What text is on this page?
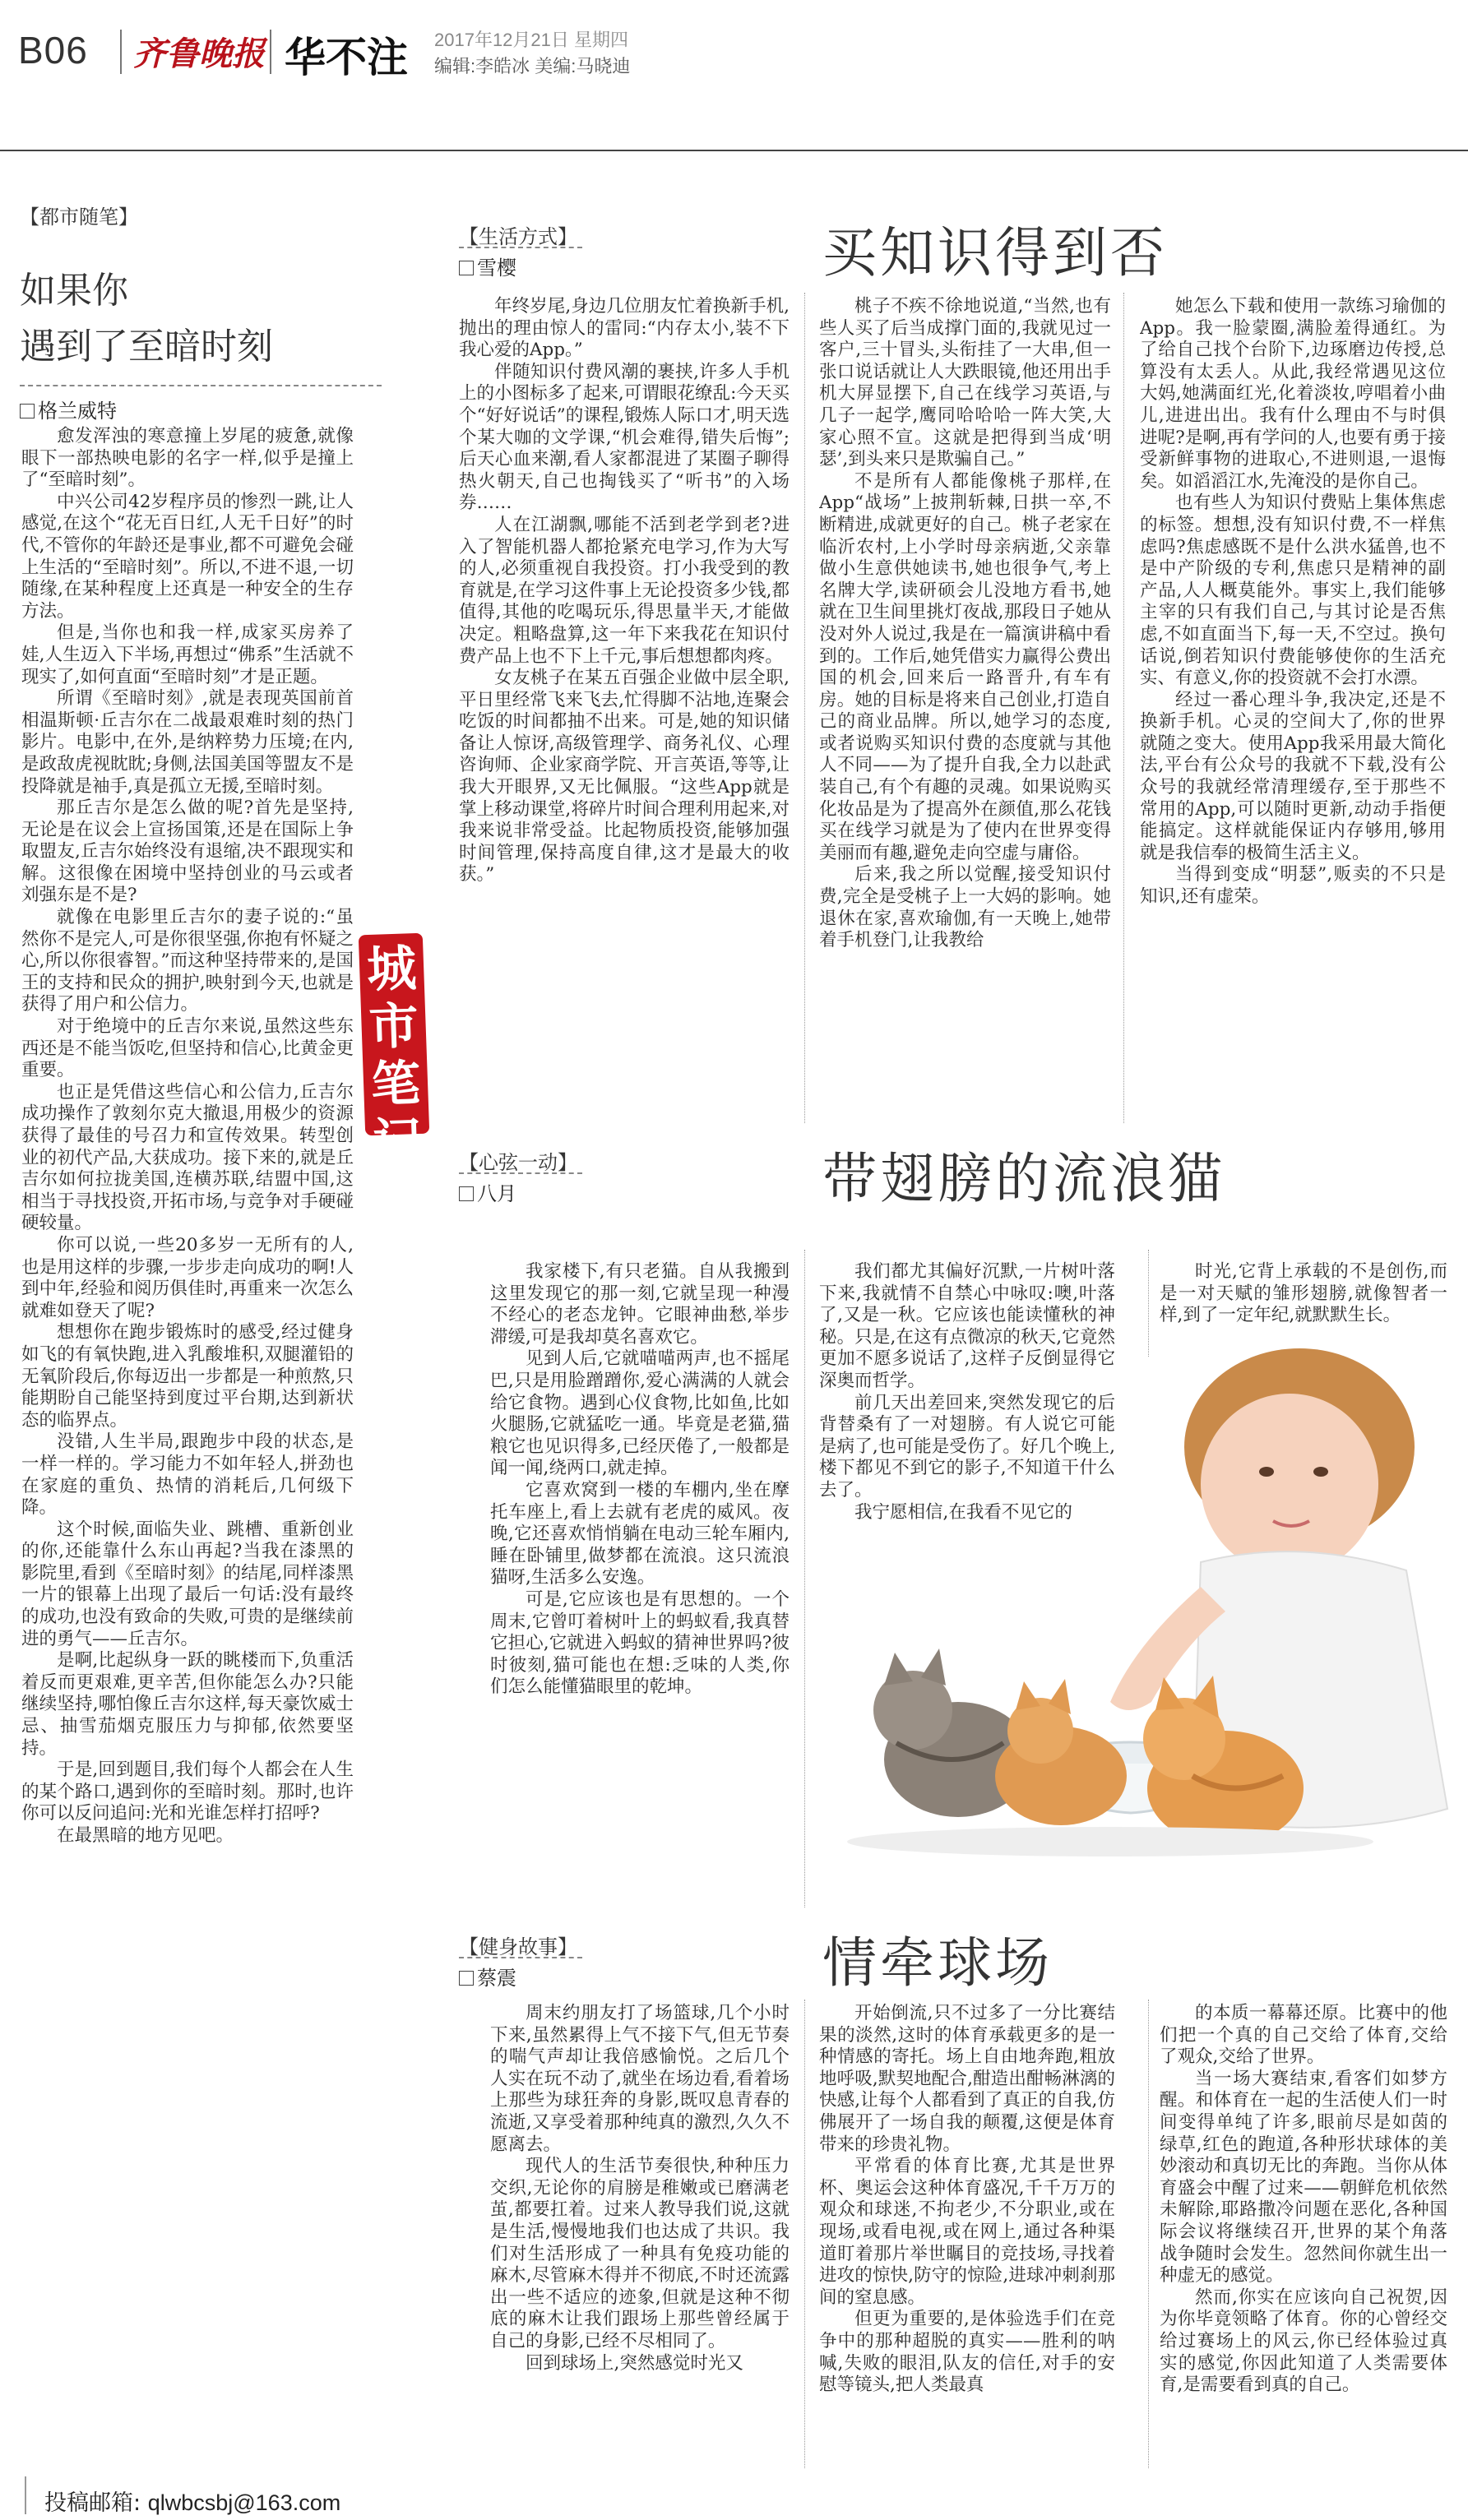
B06 齐鲁晚报 华不注 2017年12月21日 星期四
编辑:李皓冰 美编:马晓迪
【都市随笔】
如果你
遇到了至暗时刻
格兰威特

愈发浑浊的寒意撞上岁尾的疲惫,就像眼下一部热映电影的名字一样,似乎是撞上了“至暗时刻”。

中兴公司42岁程序员的惨烈一跳,让人感觉,在这个“花无百日红,人无千日好”的时代,不管你的年龄还是事业,都不可避免会碰上生活的“至暗时刻”。所以,不进不退,一切随缘,在某种程度上还真是一种安全的生存方法。

但是,当你也和我一样,成家买房养了娃,人生迈入下半场,再想过“佛系”生活就不现实了,如何直面“至暗时刻”才是正题。

所谓《至暗时刻》,就是表现英国前首相温斯顿·丘吉尔在二战最艰难时刻的热门影片。电影中,在外,是纳粹势力压境;在内,是政敌虎视眈眈;身侧,法国美国等盟友不是投降就是袖手,真是孤立无援,至暗时刻。

那丘吉尔是怎么做的呢?首先是坚持,无论是在议会上宣扬国策,还是在国际上争取盟友,丘吉尔始终没有退缩,决不跟现实和解。这很像在困境中坚持创业的马云或者刘强东是不是?

就像在电影里丘吉尔的妻子说的:“虽然你不是完人,可是你很坚强,你抱有怀疑之心,所以你很睿智。”而这种坚持带来的,是国王的支持和民众的拥护,映射到今天,也就是获得了用户和公信力。

对于绝境中的丘吉尔来说,虽然这些东西还是不能当饭吃,但坚持和信心,比黄金更重要。

也正是凭借这些信心和公信力,丘吉尔成功操作了敦刻尔克大撤退,用极少的资源获得了最佳的号召力和宣传效果。转型创业的初代产品,大获成功。接下来的,就是丘吉尔如何拉拢美国,连横苏联,结盟中国,这相当于寻找投资,开拓市场,与竞争对手硬碰硬较量。

你可以说,一些20多岁一无所有的人,也是用这样的步骤,一步步走向成功的啊!人到中年,经验和阅历俱佳时,再重来一次怎么就难如登天了呢?

想想你在跑步锻炼时的感受,经过健身如飞的有氧快跑,进入乳酸堆积,双腿灌铅的无氧阶段后,你每迈出一步都是一种煎熬,只能期盼自己能坚持到度过平台期,达到新状态的临界点。

没错,人生半局,跟跑步中段的状态,是一样一样的。学习能力不如年轻人,拼劲也在家庭的重负、热情的消耗后,几何级下降。

这个时候,面临失业、跳槽、重新创业的你,还能靠什么东山再起?当我在漆黑的影院里,看到《至暗时刻》的结尾,同样漆黑一片的银幕上出现了最后一句话:没有最终的成功,也没有致命的失败,可贵的是继续前进的勇气——丘吉尔。

是啊,比起纵身一跃的眺楼而下,负重活着反而更艰难,更辛苦,但你能怎么办?只能继续坚持,哪怕像丘吉尔这样,每天豪饮威士忌、抽雪茄烟克服压力与抑郁,依然要坚持。

于是,回到题目,我们每个人都会在人生的某个路口,遇到你的至暗时刻。那时,也许你可以反问追问:光和光谁怎样打招呼?

在最黑暗的地方见吧。

城
市
笔
记
【生活方式】
雪樱	买知识得到否

年终岁尾,身边几位朋友忙着换新手机,抛出的理由惊人的雷同:“内存太小,装不下我心爱的App。”

伴随知识付费风潮的裹挟,许多人手机上的小图标多了起来,可谓眼花缭乱:今天买个“好好说话”的课程,锻炼人际口才,明天选个某大咖的文学课,“机会难得,错失后悔”;后天心血来潮,看人家都混进了某圈子聊得热火朝天,自己也掏钱买了“听书”的入场券……

人在江湖飘,哪能不活到老学到老?进入了智能机器人都抢紧充电学习,作为大写的人,必须重视自我投资。打小我受到的教育就是,在学习这件事上无论投资多少钱,都值得,其他的吃喝玩乐,得思量半天,才能做决定。粗略盘算,这一年下来我花在知识付费产品上也不下上千元,事后想想都肉疼。

女友桃子在某五百强企业做中层全职,平日里经常飞来飞去,忙得脚不沾地,连聚会吃饭的时间都抽不出来。可是,她的知识储备让人惊讶,高级管理学、商务礼仪、心理咨询师、企业家商学院、开言英语,等等,让我大开眼界,又无比佩服。“这些App就是掌上移动课堂,将碎片时间合理利用起来,对我来说非常受益。比起物质投资,能够加强时间管理,保持高度自律,这才是最大的收获。”

桃子不疾不徐地说道,“当然,也有些人买了后当成撑门面的,我就见过一客户,三十冒头,头衔挂了一大串,但一张口说话就让人大跌眼镜,他还用出手机大屏显摆下,自己在线学习英语,与几子一起学,鹰同哈哈哈一阵大笑,大家心照不宣。这就是把得到当成‘明瑟’,到头来只是欺骗自己。”

不是所有人都能像桃子那样,在App“战场”上披荆斩棘,日拱一卒,不断精进,成就更好的自己。桃子老家在临沂农村,上小学时母亲病逝,父亲靠做小生意供她读书,她也很争气,考上名牌大学,读研硕会儿没地方看书,她就在卫生间里挑灯夜战,那段日子她从没对外人说过,我是在一篇演讲稿中看到的。工作后,她凭借实力赢得公费出国的机会,回来后一路晋升,有车有房。她的目标是将来自己创业,打造自己的商业品牌。所以,她学习的态度,或者说购买知识付费的态度就与其他人不同——为了提升自我,全力以赴武装自己,有个有趣的灵魂。如果说购买化妆品是为了提高外在颜值,那么花钱买在线学习就是为了使内在世界变得美丽而有趣,避免走向空虚与庸俗。

后来,我之所以觉醒,接受知识付费,完全是受桃子上一大妈的影响。她退休在家,喜欢瑜伽,有一天晚上,她带着手机登门,让我教给

她怎么下载和使用一款练习瑜伽的App。我一脸蒙圈,满脸羞得通红。为了给自己找个台阶下,边琢磨边传授,总算没有太丢人。从此,我经常遇见这位大妈,她满面红光,化着淡妆,哼唱着小曲儿,进进出出。我有什么理由不与时俱进呢?是啊,再有学问的人,也要有勇于接受新鲜事物的进取心,不进则退,一退悔矣。如滔滔江水,先淹没的是你自己。

也有些人为知识付费贴上集体焦虑的标签。想想,没有知识付费,不一样焦虑吗?焦虑感既不是什么洪水猛兽,也不是中产阶级的专利,焦虑只是精神的副产品,人人概莫能外。事实上,我们能够主宰的只有我们自己,与其讨论是否焦虑,不如直面当下,每一天,不空过。换句话说,倒若知识付费能够使你的生活充实、有意义,你的投资就不会打水漂。

经过一番心理斗争,我决定,还是不换新手机。心灵的空间大了,你的世界就随之变大。使用App我采用最大简化法,平台有公众号的我就不下载,没有公众号的我就经常清理缓存,至于那些不常用的App,可以随时更新,动动手指便能搞定。这样就能保证内存够用,够用就是我信奉的极简生活主义。

当得到变成“明瑟”,贩卖的不只是知识,还有虚荣。

【心弦一动】
八月	带翅膀的流浪猫

我家楼下,有只老猫。自从我搬到这里发现它的那一刻,它就呈现一种漫不经心的老态龙钟。它眼神曲愁,举步滞缓,可是我却莫名喜欢它。

见到人后,它就喵喵两声,也不摇尾巴,只是用脸蹭蹭你,爱心满满的人就会给它食物。遇到心仪食物,比如鱼,比如火腿肠,它就猛吃一通。毕竟是老猫,猫粮它也见识得多,已经厌倦了,一般都是闻一闻,绕两口,就走掉。

它喜欢窝到一楼的车棚内,坐在摩托车座上,看上去就有老虎的威风。夜晚,它还喜欢悄悄躺在电动三轮车厢内,睡在卧铺里,做梦都在流浪。这只流浪猫呀,生活多么安逸。

可是,它应该也是有思想的。一个周末,它曾叮着树叶上的蚂蚁看,我真替它担心,它就进入蚂蚁的猜神世界吗?彼时彼刻,猫可能也在想:乏味的人类,你们怎么能懂猫眼里的乾坤。

我们都尤其偏好沉默,一片树叶落下来,我就情不自禁心中咏叹:噢,叶落了,又是一秋。它应该也能读懂秋的神秘。只是,在这有点微凉的秋天,它竟然更加不愿多说话了,这样子反倒显得它深奥而哲学。

前几天出差回来,突然发现它的后背替桑有了一对翅膀。有人说它可能是病了,也可能是受伤了。好几个晚上,楼下都见不到它的影子,不知道干什么去了。

我宁愿相信,在我看不见它的

时光,它背上承载的不是创伤,而是一对天赋的雏形翅膀,就像智者一样,到了一定年纪,就默默生长。

【健身故事】
蔡震	情牵球场

周末约朋友打了场篮球,几个小时下来,虽然累得上气不接下气,但无节奏的喘气声却让我倍感愉悦。之后几个人实在玩不动了,就坐在场边看,看着场上那些为球狂奔的身影,既叹息青春的流逝,又享受着那种纯真的激烈,久久不愿离去。

现代人的生活节奏很快,种种压力交织,无论你的肩膀是稚嫩或已磨满老茧,都要扛着。过来人教导我们说,这就是生活,慢慢地我们也达成了共识。我们对生活形成了一种具有免疫功能的麻木,尽管麻木得并不彻底,不时还流露出一些不适应的迹象,但就是这种不彻底的麻木让我们跟场上那些曾经属于自己的身影,已经不尽相同了。

回到球场上,突然感觉时光又

开始倒流,只不过多了一分比赛结果的淡然,这时的体育承载更多的是一种情感的寄托。场上自由地奔跑,粗放地呼吸,默契地配合,酣造出酣畅淋漓的快感,让每个人都看到了真正的自我,仿佛展开了一场自我的颠覆,这便是体育带来的珍贵礼物。

平常看的体育比赛,尤其是世界杯、奥运会这种体育盛况,千千万万的观众和球迷,不拘老少,不分职业,或在现场,或看电视,或在网上,通过各种渠道盯着那片举世瞩目的竞技场,寻找着进攻的惊快,防守的惊险,进球冲刺刹那间的窒息感。

但更为重要的,是体验选手们在竞争中的那种超脱的真实——胜利的呐喊,失败的眼泪,队友的信任,对手的安慰等镜头,把人类最真

的本质一幕幕还原。比赛中的他们把一个真的自己交给了体育,交给了观众,交给了世界。

当一场大赛结束,看客们如梦方醒。和体育在一起的生活使人们一时间变得单纯了许多,眼前尽是如茵的绿草,红色的跑道,各种形状球体的美妙滚动和真切无比的奔跑。当你从体育盛会中醒了过来——朝鲜危机依然未解除,耶路撒冷问题在恶化,各种国际会议将继续召开,世界的某个角落战争随时会发生。忽然间你就生出一种虚无的感觉。

然而,你实在应该向自己祝贺,因为你毕竟领略了体育。你的心曾经交给过赛场上的风云,你已经体验过真实的感觉,你因此知道了人类需要体育,是需要看到真的自己。

投稿邮箱: qlwbcsbj@163.com
